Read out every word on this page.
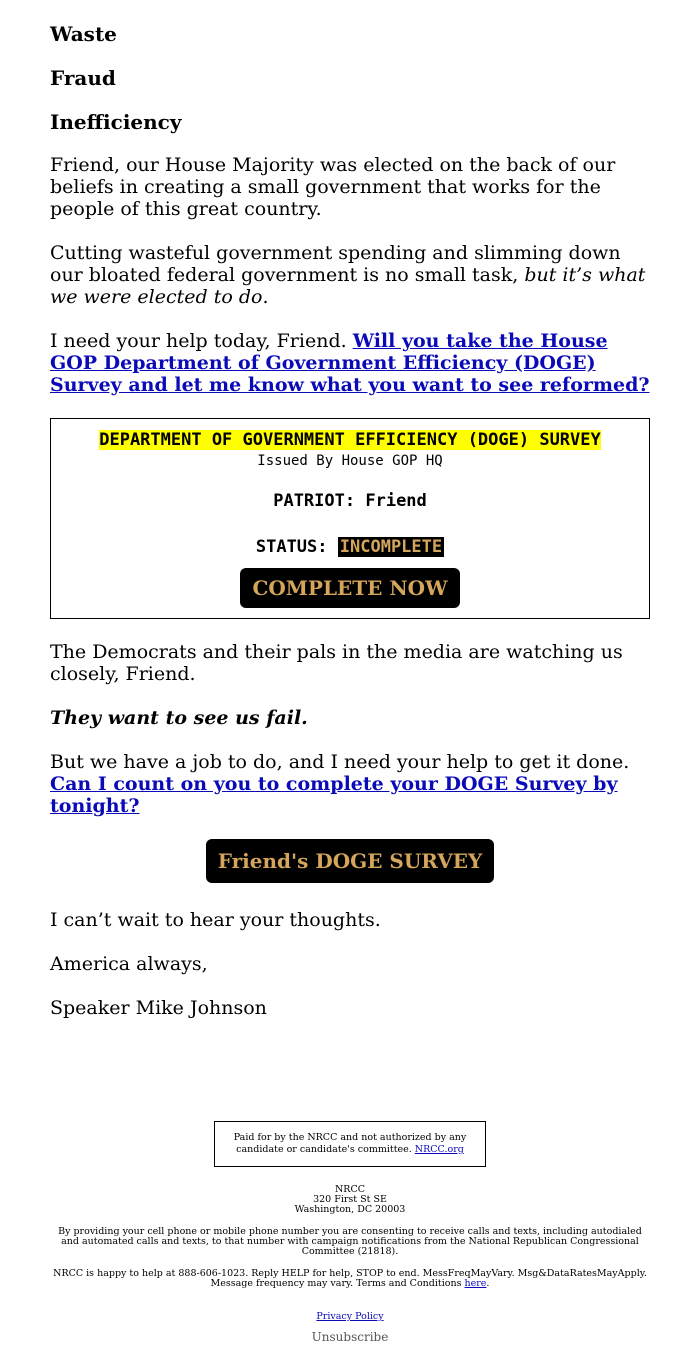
Waste
Fraud
Inefficiency

Friend, our House Majority was elected on the back of our beliefs in creating a small government that works for the people of this great country.

Cutting wasteful government spending and slimming down our bloated federal government is no small task, but it’s what we were elected to do.

I need your help today, Friend. Will you take the House GOP Department of Government Efficiency (DOGE) Survey and let me know what you want to see reformed?

DEPARTMENT OF GOVERNMENT EFFICIENCY (DOGE) SURVEY
Issued By House GOP HQ
PATRIOT: Friend
STATUS: INCOMPLETE
COMPLETE NOW

The Democrats and their pals in the media are watching us closely, Friend.

They want to see us fail.

But we have a job to do, and I need your help to get it done. Can I count on you to complete your DOGE Survey by tonight?

Friend's DOGE SURVEY

I can’t wait to hear your thoughts.

America always,

Speaker Mike Johnson

Paid for by the NRCC and not authorized by any candidate or candidate's committee. NRCC.org
NRCC
320 First St SE
Washington, DC 20003
By providing your cell phone or mobile phone number you are consenting to receive calls and texts, including autodialed and automated calls and texts, to that number with campaign notifications from the National Republican Congressional Committee (21818).
NRCC is happy to help at 888-606-1023. Reply HELP for help, STOP to end. MessFreqMayVary. Msg&DataRatesMayApply. Message frequency may vary. Terms and Conditions here.
Privacy Policy
Unsubscribe
